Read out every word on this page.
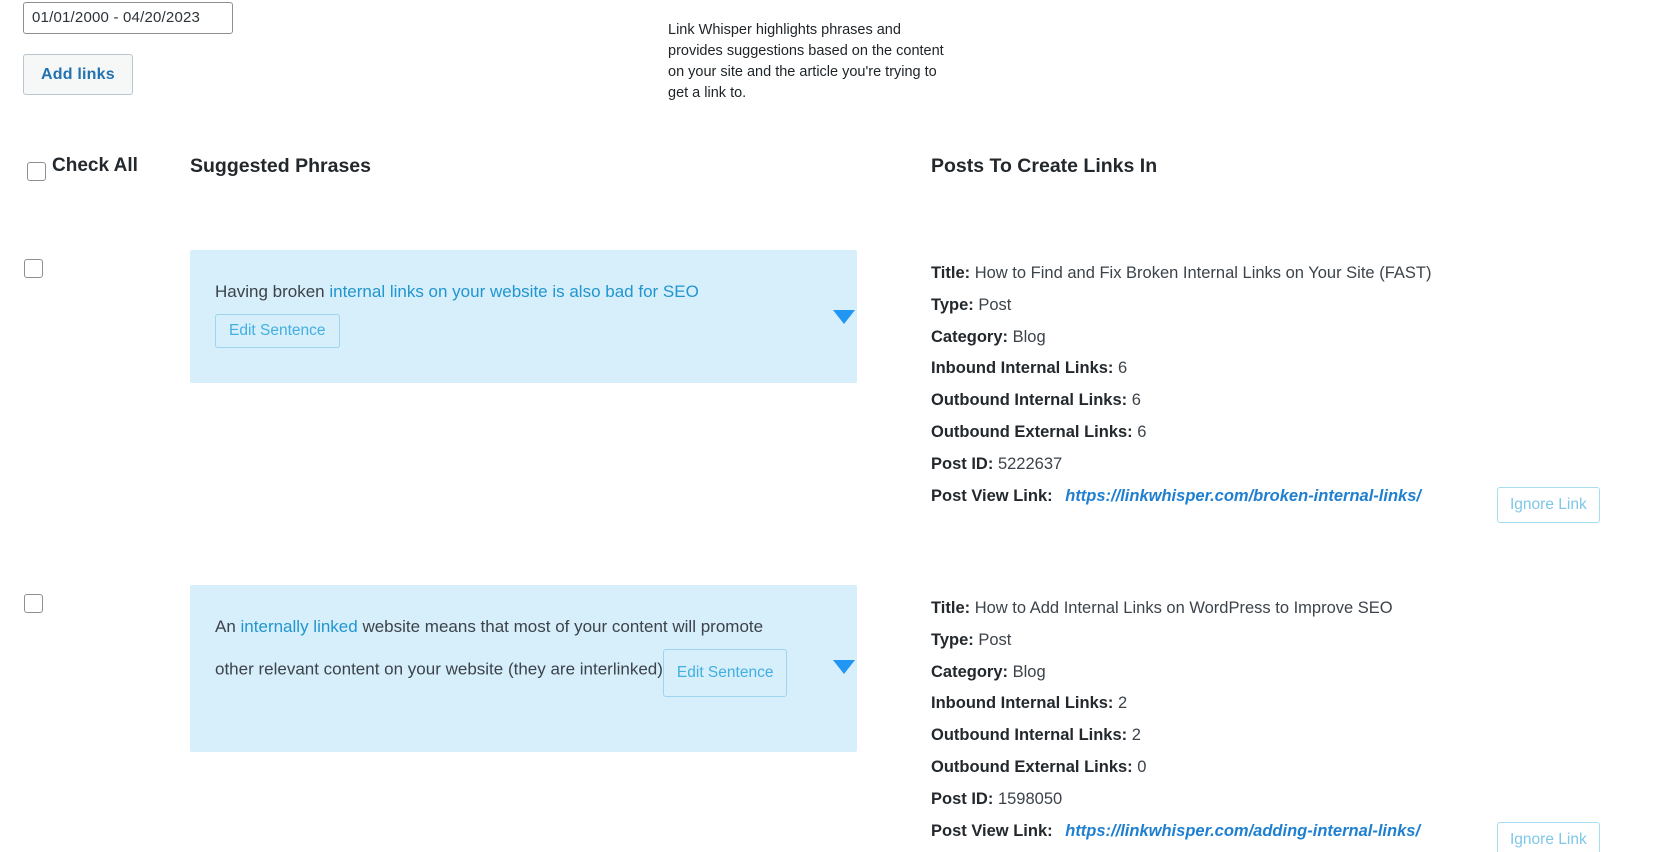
01/01/2000 - 04/20/2023
Add links
Link Whisper highlights phrases and provides suggestions based on the content on your site and the article you're trying to get a link to.
Check All	Suggested Phrases	Posts To Create Links In
Having broken internal links on your website is also bad for SEO
Edit Sentence
Title: How to Find and Fix Broken Internal Links on Your Site (FAST)
Type: Post
Category: Blog
Inbound Internal Links: 6
Outbound Internal Links: 6
Outbound External Links: 6
Post ID: 5222637
Post View Link: https://linkwhisper.com/broken-internal-links/	Ignore Link
An internally linked website means that most of your content will promote other relevant content on your website (they are interlinked) Edit Sentence
Title: How to Add Internal Links on WordPress to Improve SEO
Type: Post
Category: Blog
Inbound Internal Links: 2
Outbound Internal Links: 2
Outbound External Links: 0
Post ID: 1598050
Post View Link: https://linkwhisper.com/adding-internal-links/	Ignore Link
